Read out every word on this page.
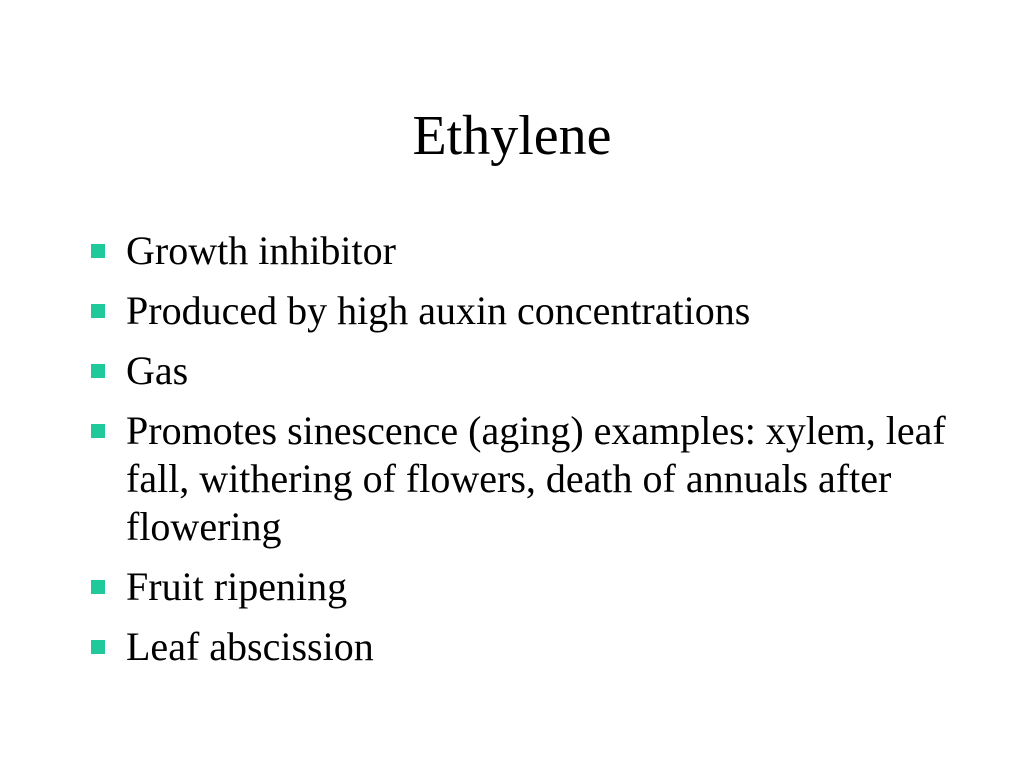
Ethylene
Growth inhibitor
Produced by high auxin concentrations
Gas
Promotes sinescence (aging) examples: xylem, leaf fall, withering of flowers, death of annuals after flowering
Fruit ripening
Leaf abscission
